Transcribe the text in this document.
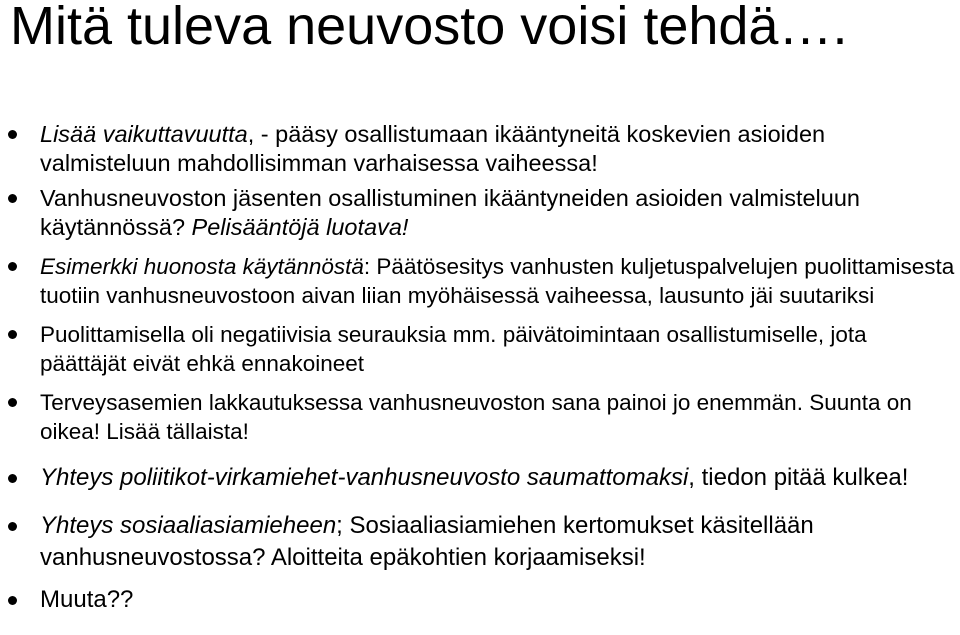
Mitä tuleva neuvosto voisi tehdä….
Lisää vaikuttavuutta, - pääsy osallistumaan ikääntyneitä koskevien asioiden valmisteluun mahdollisimman varhaisessa vaiheessa!
Vanhusneuvoston jäsenten osallistuminen ikääntyneiden asioiden valmisteluun käytännössä? Pelisääntöjä luotava!
Esimerkki huonosta käytännöstä: Päätösesitys vanhusten kuljetuspalvelujen puolittamisesta tuotiin vanhusneuvostoon aivan liian myöhäisessä vaiheessa, lausunto jäi suutariksi
Puolittamisella oli negatiivisia seurauksia mm. päivätoimintaan osallistumiselle, jota päättäjät eivät ehkä ennakoineet
Terveysasemien lakkautuksessa vanhusneuvoston sana painoi jo enemmän. Suunta on oikea! Lisää tällaista!
Yhteys poliitikot-virkamiehet-vanhusneuvosto saumattomaksi, tiedon pitää kulkea!
Yhteys sosiaaliasiamieheen; Sosiaaliasiamiehen kertomukset käsitellään vanhusneuvostossa? Aloitteita epäkohtien korjaamiseksi!
Muuta??
